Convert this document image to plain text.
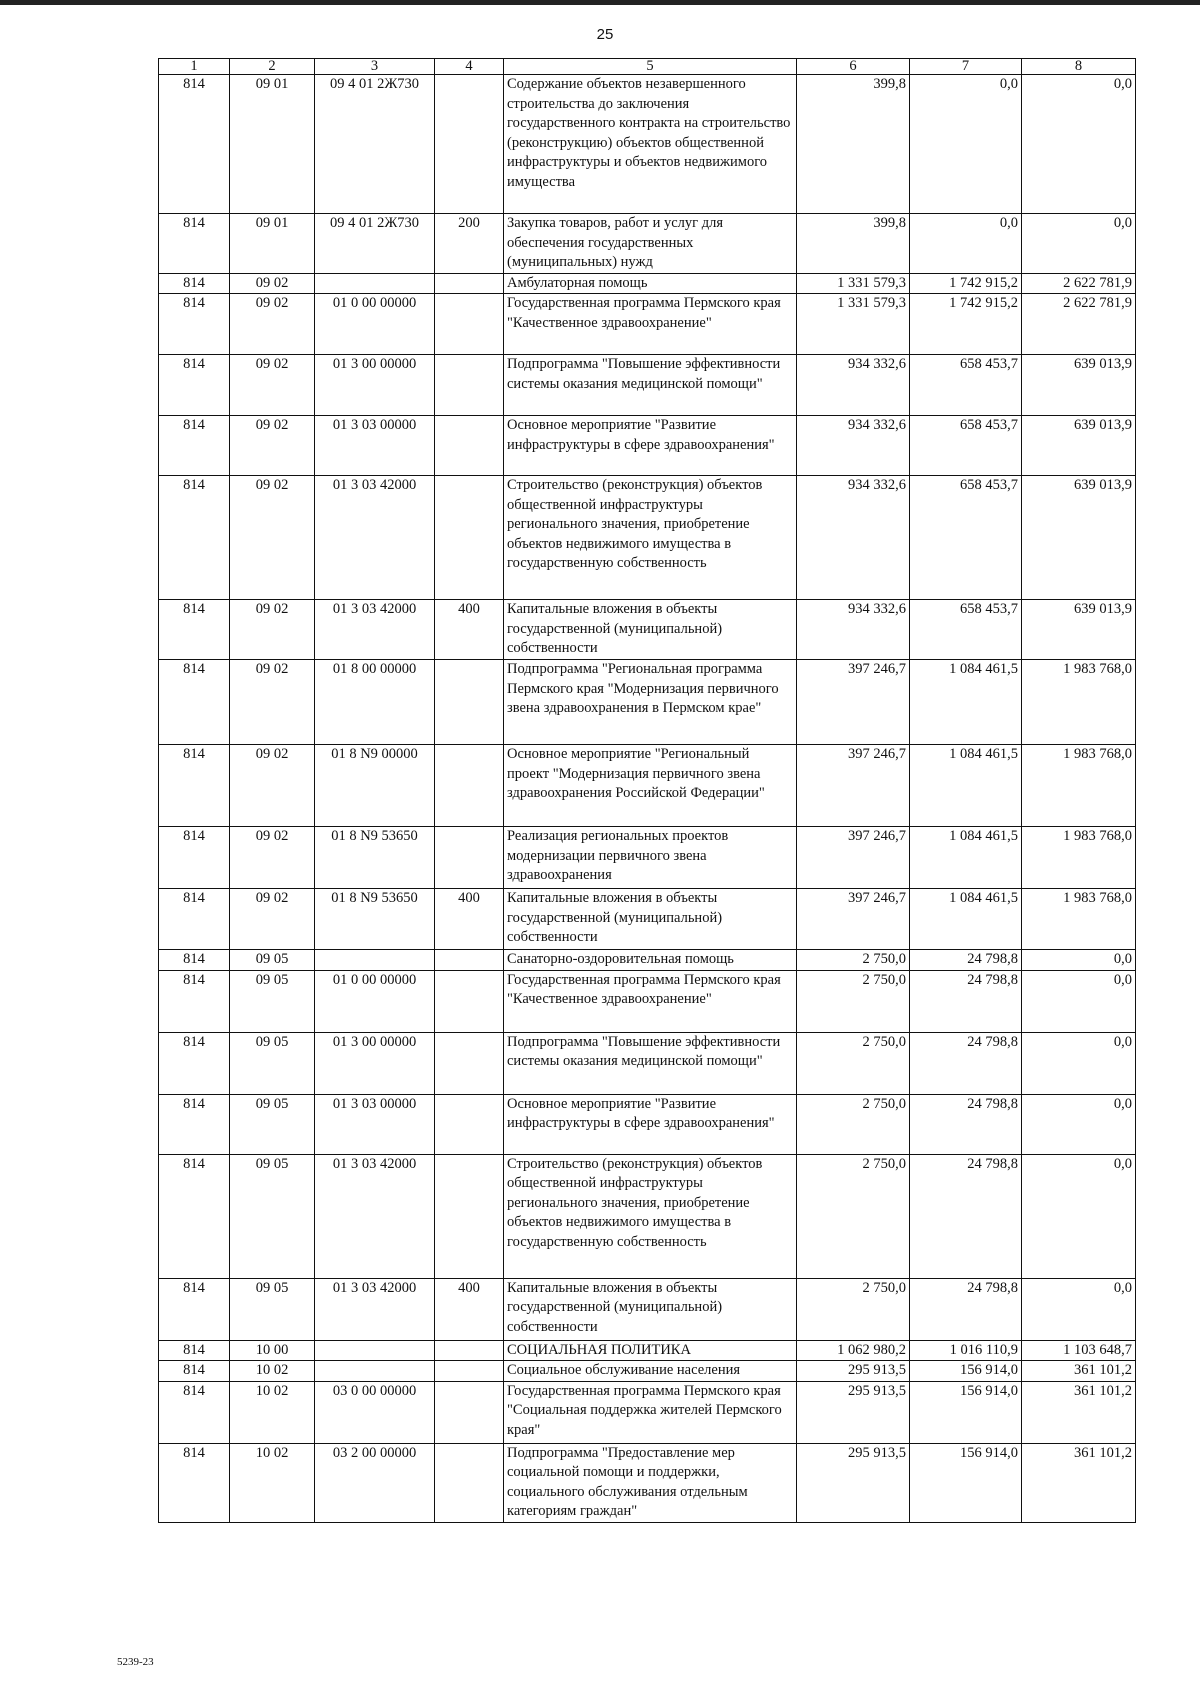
25
1	2	3	4	5	6	7	8
814	09 01	09 4 01 2Ж730		Содержание объектов незавершенного строительства до заключения государственного контракта на строительство (реконструкцию) объектов общественной инфраструктуры и объектов недвижимого имущества	399,8	0,0	0,0
814	09 01	09 4 01 2Ж730	200	Закупка товаров, работ и услуг для обеспечения государственных (муниципальных) нужд	399,8	0,0	0,0
814	09 02			Амбулаторная помощь	1 331 579,3	1 742 915,2	2 622 781,9
814	09 02	01 0 00 00000		Государственная программа Пермского края "Качественное здравоохранение"	1 331 579,3	1 742 915,2	2 622 781,9
814	09 02	01 3 00 00000		Подпрограмма "Повышение эффективности системы оказания медицинской помощи"	934 332,6	658 453,7	639 013,9
814	09 02	01 3 03 00000		Основное мероприятие "Развитие инфраструктуры в сфере здравоохранения"	934 332,6	658 453,7	639 013,9
814	09 02	01 3 03 42000		Строительство (реконструкция) объектов общественной инфраструктуры регионального значения, приобретение объектов недвижимого имущества в государственную собственность	934 332,6	658 453,7	639 013,9
814	09 02	01 3 03 42000	400	Капитальные вложения в объекты государственной (муниципальной) собственности	934 332,6	658 453,7	639 013,9
814	09 02	01 8 00 00000		Подпрограмма "Региональная программа Пермского края "Модернизация первичного звена здравоохранения в Пермском крае"	397 246,7	1 084 461,5	1 983 768,0
814	09 02	01 8 N9 00000		Основное мероприятие "Региональный проект "Модернизация первичного звена здравоохранения Российской Федерации"	397 246,7	1 084 461,5	1 983 768,0
814	09 02	01 8 N9 53650		Реализация региональных проектов модернизации первичного звена здравоохранения	397 246,7	1 084 461,5	1 983 768,0
814	09 02	01 8 N9 53650	400	Капитальные вложения в объекты государственной (муниципальной) собственности	397 246,7	1 084 461,5	1 983 768,0
814	09 05			Санаторно-оздоровительная помощь	2 750,0	24 798,8	0,0
814	09 05	01 0 00 00000		Государственная программа Пермского края "Качественное здравоохранение"	2 750,0	24 798,8	0,0
814	09 05	01 3 00 00000		Подпрограмма "Повышение эффективности системы оказания медицинской помощи"	2 750,0	24 798,8	0,0
814	09 05	01 3 03 00000		Основное мероприятие "Развитие инфраструктуры в сфере здравоохранения"	2 750,0	24 798,8	0,0
814	09 05	01 3 03 42000		Строительство (реконструкция) объектов общественной инфраструктуры регионального значения, приобретение объектов недвижимого имущества в государственную собственность	2 750,0	24 798,8	0,0
814	09 05	01 3 03 42000	400	Капитальные вложения в объекты государственной (муниципальной) собственности	2 750,0	24 798,8	0,0
814	10 00			СОЦИАЛЬНАЯ ПОЛИТИКА	1 062 980,2	1 016 110,9	1 103 648,7
814	10 02			Социальное обслуживание населения	295 913,5	156 914,0	361 101,2
814	10 02	03 0 00 00000		Государственная программа Пермского края "Социальная поддержка жителей Пермского края"	295 913,5	156 914,0	361 101,2
814	10 02	03 2 00 00000		Подпрограмма "Предоставление мер социальной помощи и поддержки, социального обслуживания отдельным категориям граждан"	295 913,5	156 914,0	361 101,2
5239-23
